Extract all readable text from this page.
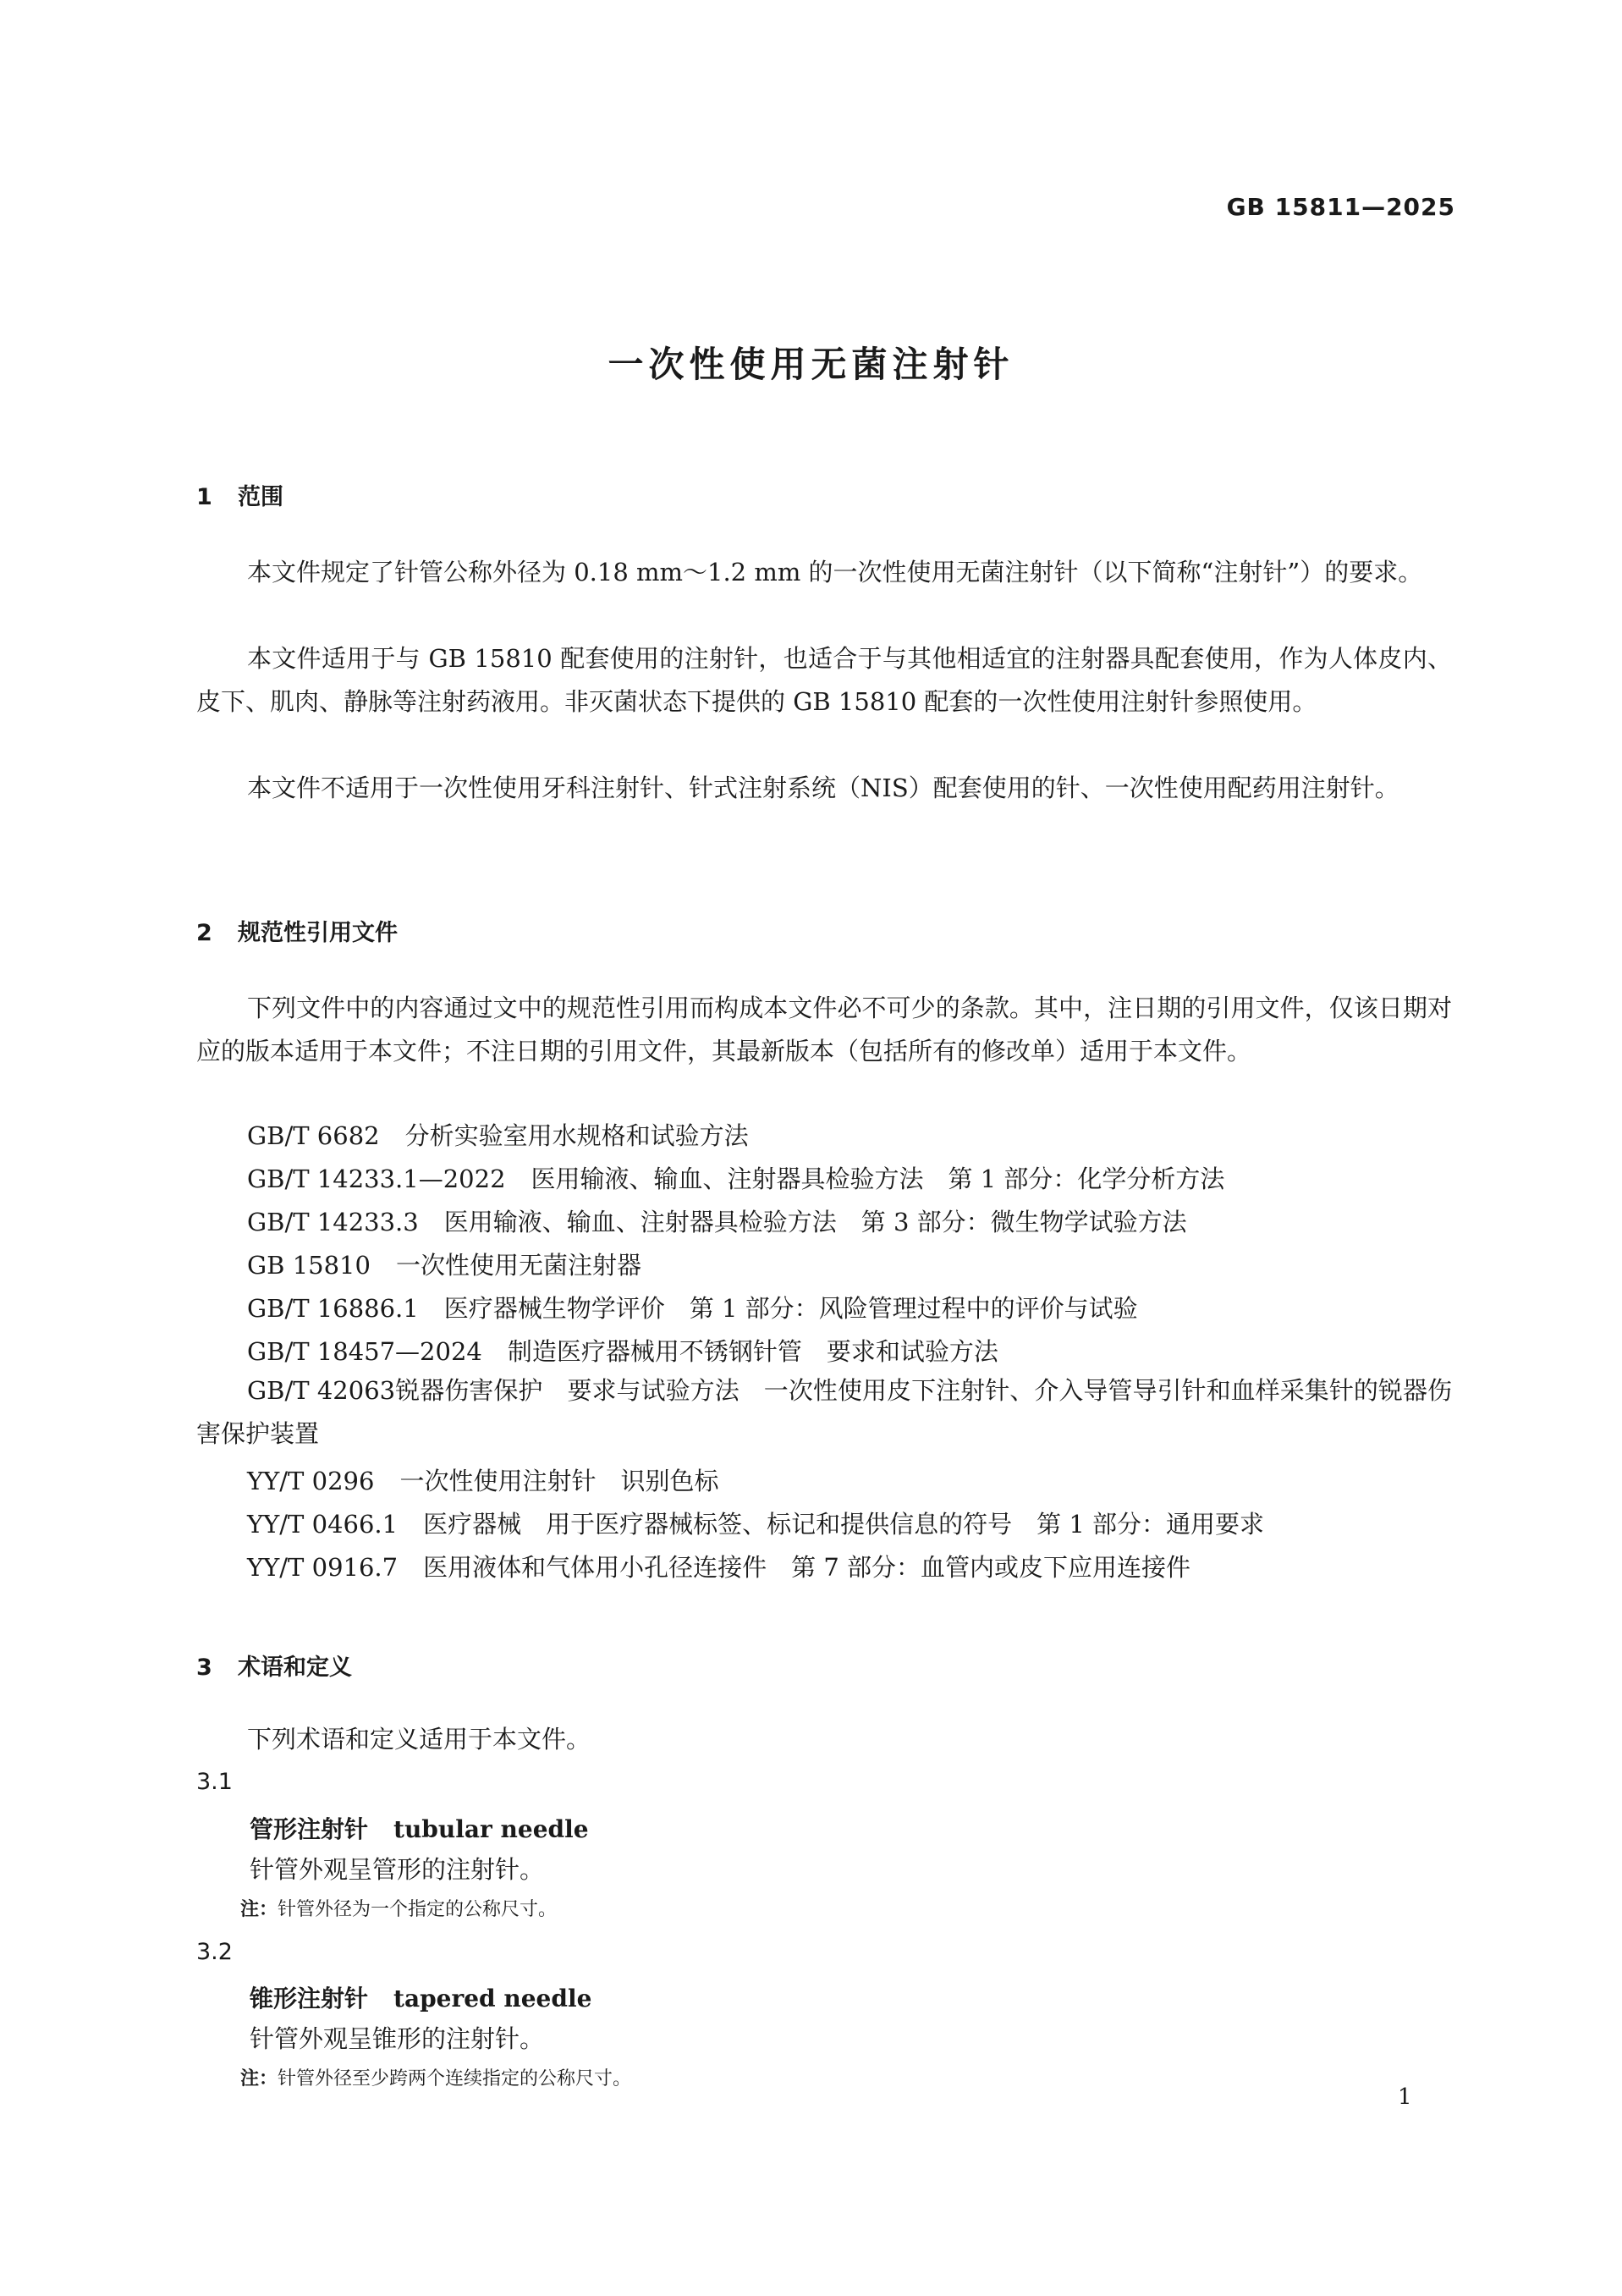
GB 15811—2025
一次性使用无菌注射针
1 范围
本文件规定了针管公称外径为 0.18 mm～1.2 mm 的一次性使用无菌注射针（以下简称“注射针”）的要求。
本文件适用于与 GB 15810 配套使用的注射针，也适合于与其他相适宜的注射器具配套使用，作为人体皮内、皮下、肌肉、静脉等注射药液用。非灭菌状态下提供的 GB 15810 配套的一次性使用注射针参照使用。
本文件不适用于一次性使用牙科注射针、针式注射系统（NIS）配套使用的针、一次性使用配药用注射针。
2 规范性引用文件
下列文件中的内容通过文中的规范性引用而构成本文件必不可少的条款。其中，注日期的引用文件，仅该日期对应的版本适用于本文件；不注日期的引用文件，其最新版本（包括所有的修改单）适用于本文件。
GB/T 6682 分析实验室用水规格和试验方法
GB/T 14233.1—2022 医用输液、输血、注射器具检验方法　第 1 部分：化学分析方法
GB/T 14233.3 医用输液、输血、注射器具检验方法　第 3 部分：微生物学试验方法
GB 15810 一次性使用无菌注射器
GB/T 16886.1 医疗器械生物学评价　第 1 部分：风险管理过程中的评价与试验
GB/T 18457—2024 制造医疗器械用不锈钢针管　要求和试验方法
GB/T 42063锐器伤害保护　要求与试验方法　一次性使用皮下注射针、介入导管导引针和血样采集针的锐器伤害保护装置
YY/T 0296 一次性使用注射针　识别色标
YY/T 0466.1 医疗器械　用于医疗器械标签、标记和提供信息的符号　第 1 部分：通用要求
YY/T 0916.7 医用液体和气体用小孔径连接件　第 7 部分：血管内或皮下应用连接件
3 术语和定义
下列术语和定义适用于本文件。
3.1
管形注射针 tubular needle
针管外观呈管形的注射针。
注：针管外径为一个指定的公称尺寸。
3.2
锥形注射针 tapered needle
针管外观呈锥形的注射针。
注：针管外径至少跨两个连续指定的公称尺寸。
1
